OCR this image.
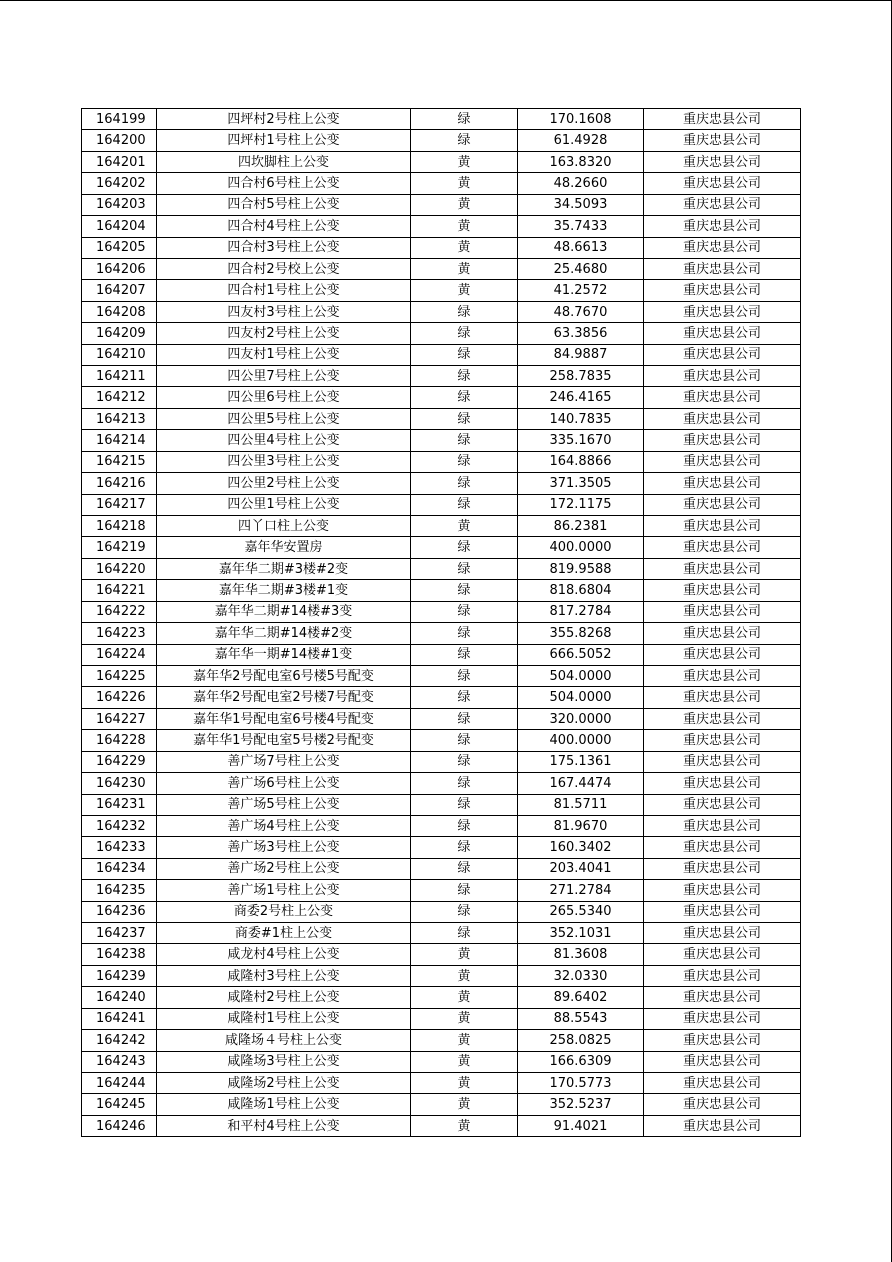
164199	四坪村2号柱上公变	绿	170.1608	重庆忠县公司
164200	四坪村1号柱上公变	绿	61.4928	重庆忠县公司
164201	四坎脚柱上公变	黄	163.8320	重庆忠县公司
164202	四合村6号柱上公变	黄	48.2660	重庆忠县公司
164203	四合村5号柱上公变	黄	34.5093	重庆忠县公司
164204	四合村4号柱上公变	黄	35.7433	重庆忠县公司
164205	四合村3号柱上公变	黄	48.6613	重庆忠县公司
164206	四合村2号校上公变	黄	25.4680	重庆忠县公司
164207	四合村1号柱上公变	黄	41.2572	重庆忠县公司
164208	四友村3号柱上公变	绿	48.7670	重庆忠县公司
164209	四友村2号柱上公变	绿	63.3856	重庆忠县公司
164210	四友村1号柱上公变	绿	84.9887	重庆忠县公司
164211	四公里7号柱上公变	绿	258.7835	重庆忠县公司
164212	四公里6号柱上公变	绿	246.4165	重庆忠县公司
164213	四公里5号柱上公变	绿	140.7835	重庆忠县公司
164214	四公里4号柱上公变	绿	335.1670	重庆忠县公司
164215	四公里3号柱上公变	绿	164.8866	重庆忠县公司
164216	四公里2号柱上公变	绿	371.3505	重庆忠县公司
164217	四公里1号柱上公变	绿	172.1175	重庆忠县公司
164218	四丫口柱上公变	黄	86.2381	重庆忠县公司
164219	嘉年华安置房	绿	400.0000	重庆忠县公司
164220	嘉年华二期#3楼#2变	绿	819.9588	重庆忠县公司
164221	嘉年华二期#3楼#1变	绿	818.6804	重庆忠县公司
164222	嘉年华二期#14楼#3变	绿	817.2784	重庆忠县公司
164223	嘉年华二期#14楼#2变	绿	355.8268	重庆忠县公司
164224	嘉年华一期#14楼#1变	绿	666.5052	重庆忠县公司
164225	嘉年华2号配电室6号楼5号配变	绿	504.0000	重庆忠县公司
164226	嘉年华2号配电室2号楼7号配变	绿	504.0000	重庆忠县公司
164227	嘉年华1号配电室6号楼4号配变	绿	320.0000	重庆忠县公司
164228	嘉年华1号配电室5号楼2号配变	绿	400.0000	重庆忠县公司
164229	善广场7号柱上公变	绿	175.1361	重庆忠县公司
164230	善广场6号柱上公变	绿	167.4474	重庆忠县公司
164231	善广场5号柱上公变	绿	81.5711	重庆忠县公司
164232	善广场4号柱上公变	绿	81.9670	重庆忠县公司
164233	善广场3号柱上公变	绿	160.3402	重庆忠县公司
164234	善广场2号柱上公变	绿	203.4041	重庆忠县公司
164235	善广场1号柱上公变	绿	271.2784	重庆忠县公司
164236	商委2号柱上公变	绿	265.5340	重庆忠县公司
164237	商委#1柱上公变	绿	352.1031	重庆忠县公司
164238	咸龙村4号柱上公变	黄	81.3608	重庆忠县公司
164239	咸隆村3号柱上公变	黄	32.0330	重庆忠县公司
164240	咸隆村2号柱上公变	黄	89.6402	重庆忠县公司
164241	咸隆村1号柱上公变	黄	88.5543	重庆忠县公司
164242	咸隆场４号柱上公变	黄	258.0825	重庆忠县公司
164243	咸隆场3号柱上公变	黄	166.6309	重庆忠县公司
164244	咸隆场2号柱上公变	黄	170.5773	重庆忠县公司
164245	咸隆场1号柱上公变	黄	352.5237	重庆忠县公司
164246	和平村4号柱上公变	黄	91.4021	重庆忠县公司
